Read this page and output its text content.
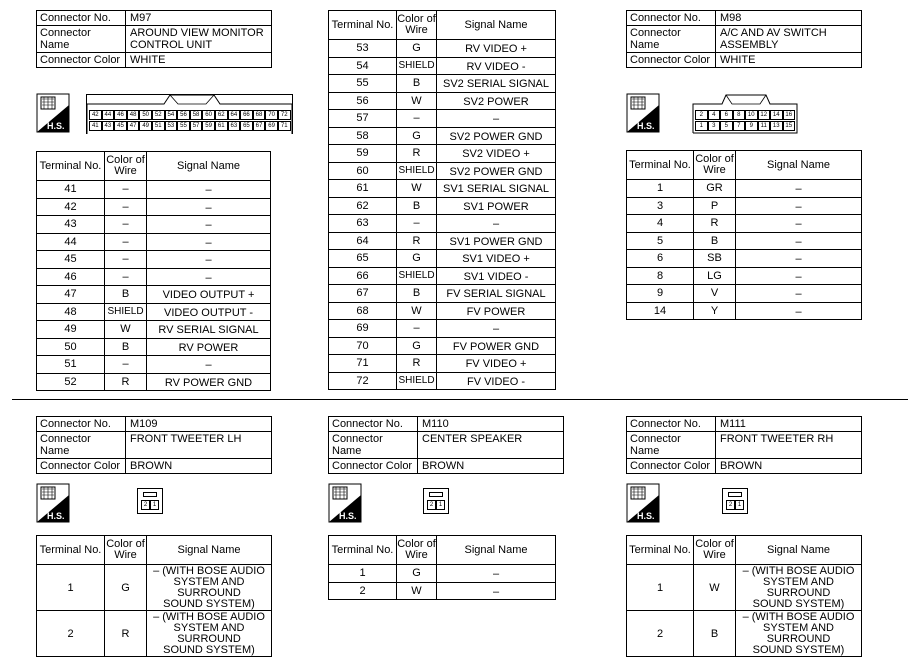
Connector No.	M97
Connector Name	AROUND VIEW MONITOR
CONTROL UNIT
Connector Color	WHITE
H.S.
42 44 46 48 50 52 54 56 58 60 62 64 66 68 70 72
41 43 45 47 49 51 53 55 57 59 61 63 65 67 69 71
Terminal No.	Color of
Wire	Signal Name
41	–	–
42	–	–
43	–	–
44	–	–
45	–	–
46	–	–
47	B	VIDEO OUTPUT +
48	SHIELD	VIDEO OUTPUT -
49	W	RV SERIAL SIGNAL
50	B	RV POWER
51	–	–
52	R	RV POWER GND
Terminal No.	Color of
Wire	Signal Name
53	G	RV VIDEO +
54	SHIELD	RV VIDEO -
55	B	SV2 SERIAL SIGNAL
56	W	SV2 POWER
57	–	–
58	G	SV2 POWER GND
59	R	SV2 VIDEO +
60	SHIELD	SV2 POWER GND
61	W	SV1 SERIAL SIGNAL
62	B	SV1 POWER
63	–	–
64	R	SV1 POWER GND
65	G	SV1 VIDEO +
66	SHIELD	SV1 VIDEO -
67	B	FV SERIAL SIGNAL
68	W	FV POWER
69	–	–
70	G	FV POWER GND
71	R	FV VIDEO +
72	SHIELD	FV VIDEO -
Connector No.	M98
Connector Name	A/C AND AV SWITCH
ASSEMBLY
Connector Color	WHITE
H.S.
2	4	6	8	10 12 14 16
1	3	5	7	9	11	13 15
Terminal No.	Color of
Wire	Signal Name
1	GR	–
3	P	–
4	R	–
5	B	–
6	SB	–
8	LG	–
9	V	–
14	Y	–
Connector No.	M109
Connector Name	FRONT TWEETER LH
Connector Color	BROWN
H.S.
2 1
Terminal No.	Color of
Wire	Signal Name
1	G	– (WITH BOSE AUDIO
SYSTEM AND
SURROUND
SOUND SYSTEM)
2	R	– (WITH BOSE AUDIO
SYSTEM AND
SURROUND
SOUND SYSTEM)
Connector No.	M110
Connector Name	CENTER SPEAKER
Connector Color	BROWN
H.S.
2 1
Terminal No.	Color of
Wire	Signal Name
1	G	–
2	W	–
Connector No.	M111
Connector Name	FRONT TWEETER RH
Connector Color	BROWN
H.S.
2 1
Terminal No.	Color of
Wire	Signal Name
1	W	– (WITH BOSE AUDIO
SYSTEM AND
SURROUND
SOUND SYSTEM)
2	B	– (WITH BOSE AUDIO
SYSTEM AND
SURROUND
SOUND SYSTEM)
